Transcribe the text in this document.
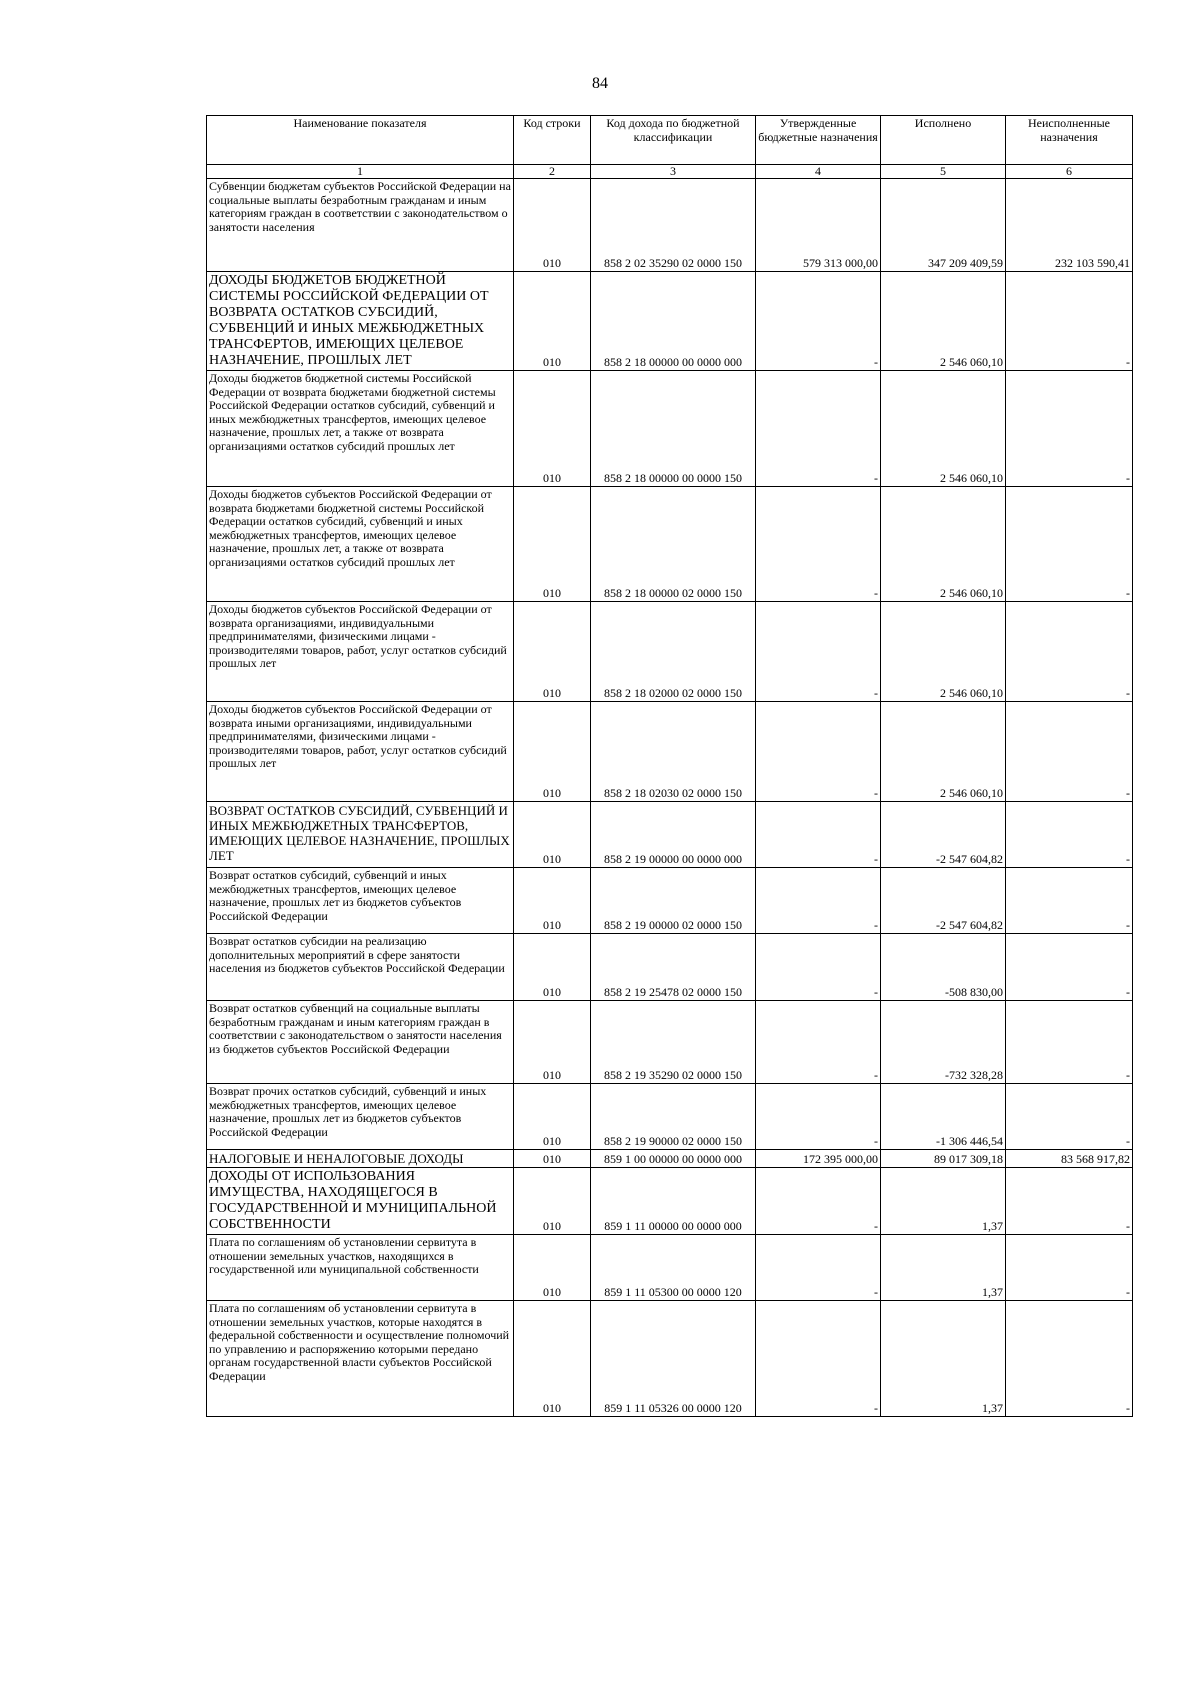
84
Наименование показателя	Код строки	Код дохода по бюджетной классификации	Утвержденные бюджетные назначения	Исполнено	Неисполненные назначения
1	2	3	4	5	6
Субвенции бюджетам субъектов Российской Федерации на социальные выплаты безработным гражданам и иным категориям граждан в соответствии с законодательством о занятости населения	010	858 2 02 35290 02 0000 150	579 313 000,00	347 209 409,59	232 103 590,41
ДОХОДЫ БЮДЖЕТОВ БЮДЖЕТНОЙ СИСТЕМЫ РОССИЙСКОЙ ФЕДЕРАЦИИ ОТ ВОЗВРАТА ОСТАТКОВ СУБСИДИЙ, СУБВЕНЦИЙ И ИНЫХ МЕЖБЮДЖЕТНЫХ ТРАНСФЕРТОВ, ИМЕЮЩИХ ЦЕЛЕВОЕ НАЗНАЧЕНИЕ, ПРОШЛЫХ ЛЕТ	010	858 2 18 00000 00 0000 000	-	2 546 060,10	-
Доходы бюджетов бюджетной системы Российской Федерации от возврата бюджетами бюджетной системы Российской Федерации остатков субсидий, субвенций и иных межбюджетных трансфертов, имеющих целевое назначение, прошлых лет, а также от возврата организациями остатков субсидий прошлых лет	010	858 2 18 00000 00 0000 150	-	2 546 060,10	-
Доходы бюджетов субъектов Российской Федерации от возврата бюджетами бюджетной системы Российской Федерации остатков субсидий, субвенций и иных межбюджетных трансфертов, имеющих целевое назначение, прошлых лет, а также от возврата организациями остатков субсидий прошлых лет	010	858 2 18 00000 02 0000 150	-	2 546 060,10	-
Доходы бюджетов субъектов Российской Федерации от возврата организациями, индивидуальными предпринимателями, физическими лицами - производителями товаров, работ, услуг остатков субсидий прошлых лет	010	858 2 18 02000 02 0000 150	-	2 546 060,10	-
Доходы бюджетов субъектов Российской Федерации от возврата иными организациями, индивидуальными предпринимателями, физическими лицами - производителями товаров, работ, услуг остатков субсидий прошлых лет	010	858 2 18 02030 02 0000 150	-	2 546 060,10	-
ВОЗВРАТ ОСТАТКОВ СУБСИДИЙ, СУБВЕНЦИЙ И ИНЫХ МЕЖБЮДЖЕТНЫХ ТРАНСФЕРТОВ, ИМЕЮЩИХ ЦЕЛЕВОЕ НАЗНАЧЕНИЕ, ПРОШЛЫХ ЛЕТ	010	858 2 19 00000 00 0000 000	-	-2 547 604,82	-
Возврат остатков субсидий, субвенций и иных межбюджетных трансфертов, имеющих целевое назначение, прошлых лет из бюджетов субъектов Российской Федерации	010	858 2 19 00000 02 0000 150	-	-2 547 604,82	-
Возврат остатков субсидии на реализацию дополнительных мероприятий в сфере занятости населения из бюджетов субъектов Российской Федерации	010	858 2 19 25478 02 0000 150	-	-508 830,00	-
Возврат остатков субвенций на социальные выплаты безработным гражданам и иным категориям граждан в соответствии с законодательством о занятости населения из бюджетов субъектов Российской Федерации	010	858 2 19 35290 02 0000 150	-	-732 328,28	-
Возврат прочих остатков субсидий, субвенций и иных межбюджетных трансфертов, имеющих целевое назначение, прошлых лет из бюджетов субъектов Российской Федерации	010	858 2 19 90000 02 0000 150	-	-1 306 446,54	-
НАЛОГОВЫЕ И НЕНАЛОГОВЫЕ ДОХОДЫ	010	859 1 00 00000 00 0000 000	172 395 000,00	89 017 309,18	83 568 917,82
ДОХОДЫ ОТ ИСПОЛЬЗОВАНИЯ ИМУЩЕСТВА, НАХОДЯЩЕГОСЯ В ГОСУДАРСТВЕННОЙ И МУНИЦИПАЛЬНОЙ СОБСТВЕННОСТИ	010	859 1 11 00000 00 0000 000	-	1,37	-
Плата по соглашениям об установлении сервитута в отношении земельных участков, находящихся в государственной или муниципальной собственности	010	859 1 11 05300 00 0000 120	-	1,37	-
Плата по соглашениям об установлении сервитута в отношении земельных участков, которые находятся в федеральной собственности и осуществление полномочий по управлению и распоряжению которыми передано органам государственной власти субъектов Российской Федерации	010	859 1 11 05326 00 0000 120	-	1,37	-
